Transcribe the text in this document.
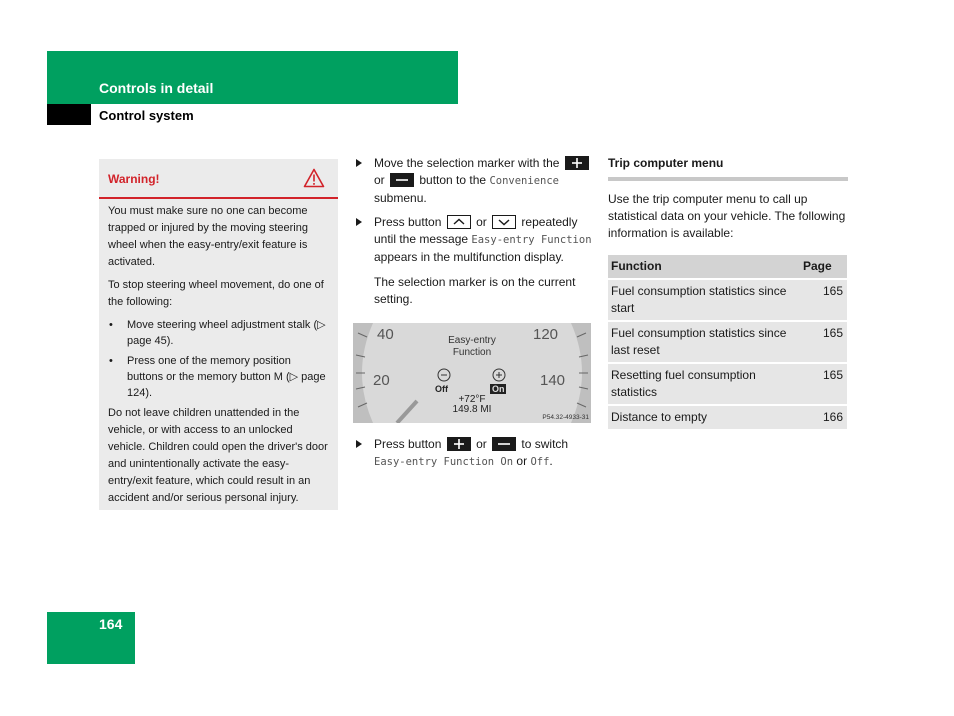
Controls in detail
Control system
Warning!

You must make sure no one can become trapped or injured by the moving steering wheel when the easy-entry/exit feature is activated.

To stop steering wheel movement, do one of the following:

• Move steering wheel adjustment stalk (▷ page 45).
• Press one of the memory position buttons or the memory button M (▷ page 124).

Do not leave children unattended in the vehicle, or with access to an unlocked vehicle. Children could open the driver's door and unintentionally activate the easy-entry/exit feature, which could result in an accident and/or serious personal injury.

Move the selection marker with the
or	button to the Convenience submenu.
Press button	or	repeatedly until the message Easy-entry Function appears in the multifunction display.

The selection marker is on the current setting.

40
20
120
140
Easy-entry
Function
Off	On
+72°F
149.8 MI
P54.32-4933-31
Press button	or	to switch Easy-entry Function On or Off.
Trip computer menu

Use the trip computer menu to call up statistical data on your vehicle. The following information is available:

Function	Page
Fuel consumption statistics since start	165
Fuel consumption statistics since last reset	165
Resetting fuel consumption statistics	165
Distance to empty	166
164
